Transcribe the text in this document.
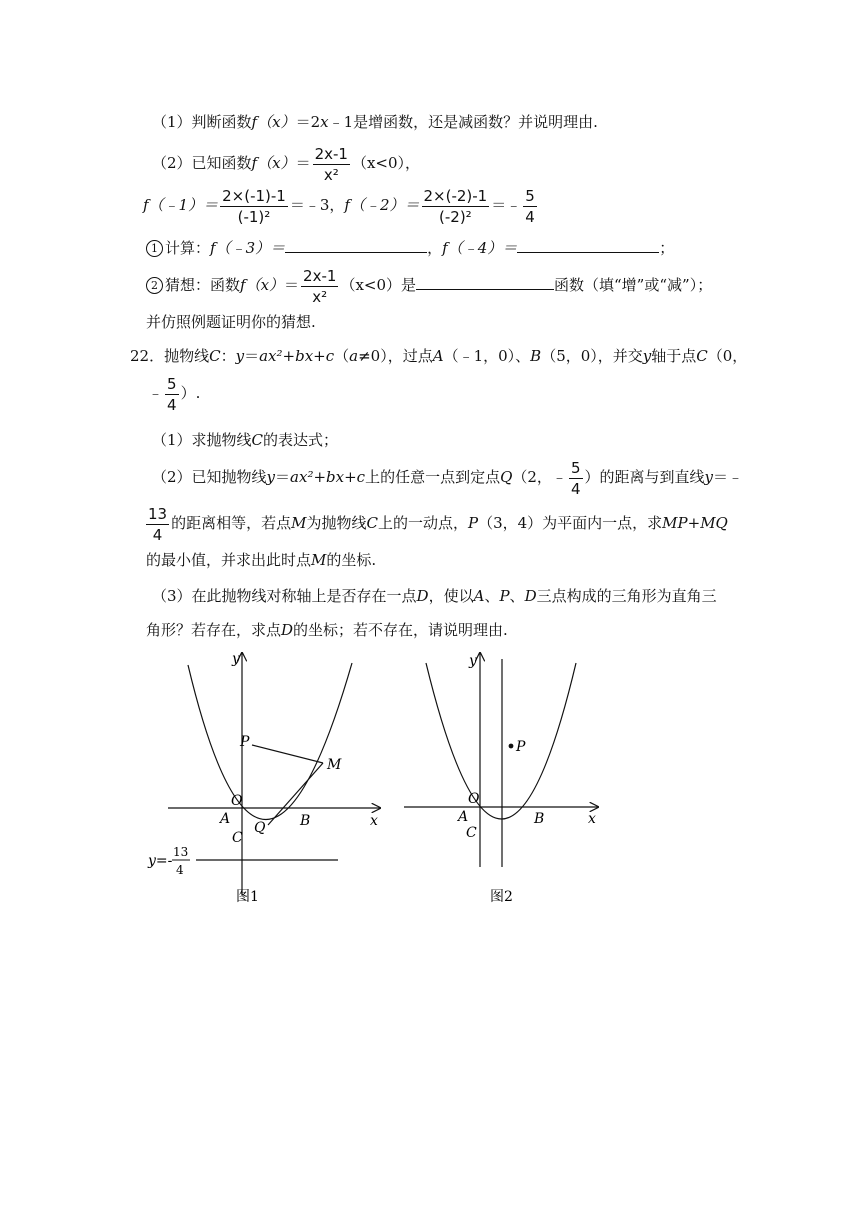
（1）判断函数f（x）＝2x﹣1是增函数，还是减函数？并说明理由.
（2）已知函数$f(x)= \frac{2x-1}{\text{x²}} (x<0)$，
f（﹣1）＝ $\frac{2\times(-1)-1}{\text{(-1)²}}$ ＝﹣3，f（﹣2）＝ $\frac{2\times(-2)-1}{\text{(-2)²}}$ ＝﹣ $\frac{5}{4}$
1 计算：f（﹣3）＝	，f（﹣4）＝	；
2 猜想：函数$f(x)= \frac{2x-1}{\text{x²}} (x<0)$是	函数（填“增”或“减”）；
并仿照例题证明你的猜想.
22．抛物线C：y＝ax²+bx+c（a≠0），过点A（﹣1，0）、B（5，0），并交y轴于点C（0，
﹣ $\frac{5}{4}$ ）.
（1）求抛物线C的表达式；
（2）已知抛物线y＝ax²+bx+c上的任意一点到定点Q（2，﹣ $\frac{5}{4}$ ）的距离与到直线y＝﹣
$\frac{13}{4}$ 的距离相等，若点M为抛物线C上的一动点，P（3，4）为平面内一点，求MP+MQ
的最小值，并求出此时点M的坐标.
（3）在此抛物线对称轴上是否存在一点D，使以A、P、D三点构成的三角形为直角三
角形？若存在，求点D的坐标；若不存在，请说明理由.
y
x
O
A	B
C
Q
P
M
y=-
13
4
图1
P
y
x
O
A	B
C
图2
